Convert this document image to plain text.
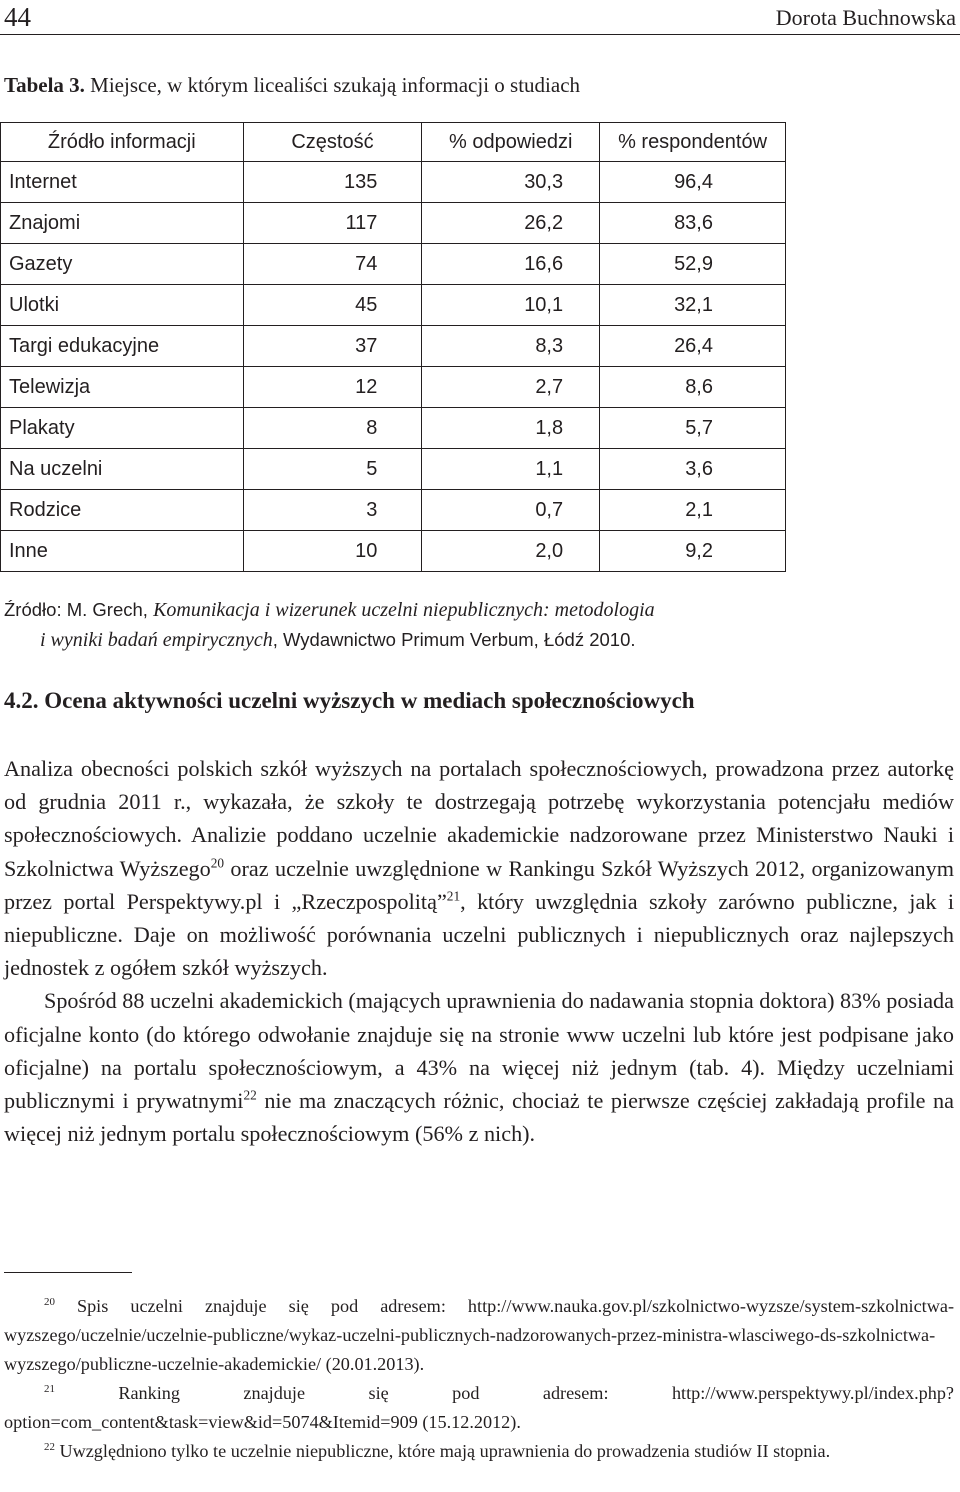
44	Dorota Buchnowska
Tabela 3. Miejsce, w którym licealiści szukają informacji o studiach
Źródło informacji	Częstość	% odpowiedzi	% respondentów
Internet	135	30,3	96,4
Znajomi	117	26,2	83,6
Gazety	74	16,6	52,9
Ulotki	45	10,1	32,1
Targi edukacyjne	37	8,3	26,4
Telewizja	12	2,7	8,6
Plakaty	8	1,8	5,7
Na uczelni	5	1,1	3,6
Rodzice	3	0,7	2,1
Inne	10	2,0	9,2
Źródło: M. Grech, Komunikacja i wizerunek uczelni niepublicznych: metodologia
i wyniki badań empirycznych, Wydawnictwo Primum Verbum, Łódź 2010.
4.2. Ocena aktywności uczelni wyższych w mediach społecznościowych

Analiza obecności polskich szkół wyższych na portalach społecznościowych, prowadzona przez autorkę od grudnia 2011 r., wykazała, że szkoły te dostrzegają potrzebę wykorzystania potencjału mediów społecznościowych. Analizie poddano uczelnie akademickie nadzorowane przez Ministerstwo Nauki i Szkolnictwa Wyższego$^{20}$ oraz uczelnie uwzględnione w Rankingu Szkół Wyższych 2012, organizowanym przez portal Perspektywy.pl i „Rzeczpospolitą”$^{21}$, który uwzględnia szkoły zarówno publiczne, jak i niepubliczne. Daje on możliwość porównania uczelni publicznych i niepublicznych oraz najlepszych jednostek z ogółem szkół wyższych.

Spośród 88 uczelni akademickich (mających uprawnienia do nadawania stopnia doktora) 83% posiada oficjalne konto (do którego odwołanie znajduje się na stronie www uczelni lub które jest podpisane jako oficjalne) na portalu społecznościowym, a 43% na więcej niż jednym (tab. 4). Między uczelniami publicznymi i prywatnymi$^{22}$ nie ma znaczących różnic, chociaż te pierwsze częściej zakładają profile na więcej niż jednym portalu społecznościowym (56% z nich).

$^{20}$ Spis uczelni znajduje się pod adresem: http://www.nauka.gov.pl/szkolnictwo-wyzsze/system-szkolnictwa-wyzszego/uczelnie/uczelnie-publiczne/wykaz-uczelni-publicznych-nadzorowanych-przez-ministra-wlasciwego-ds-szkolnictwa-wyzszego/publiczne-uczelnie-akademickie/ (20.01.2013).

$^{21}$ Ranking znajduje się pod adresem: http://www.perspektywy.pl/index.php?option=com_content&task=view&id=5074&Itemid=909 (15.12.2012).

$^{22}$ Uwzględniono tylko te uczelnie niepubliczne, które mają uprawnienia do prowadzenia studiów II stopnia.
